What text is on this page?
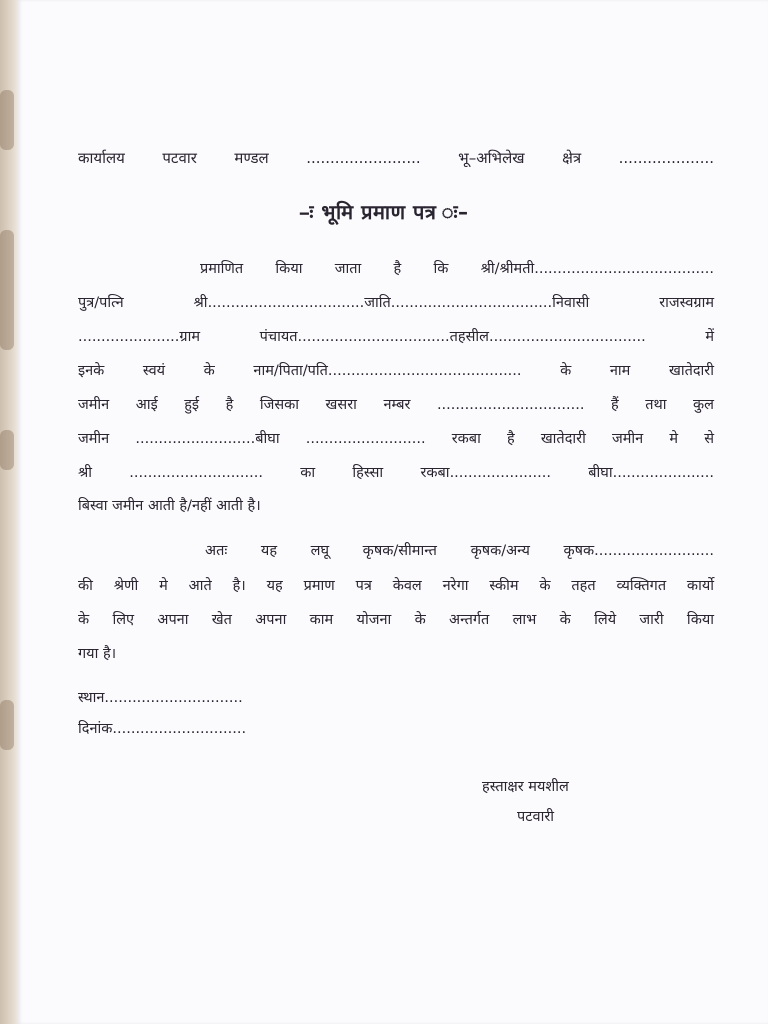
कार्यालय पटवार मण्डल ........................ भू–अभिलेख क्षेत्र ....................
–ः भूमि प्रमाण पत्र ः–
प्रमाणित किया जाता है कि श्री/श्रीमती.......................................
पुत्र/पत्नि श्री..................................जाति...................................निवासी राजस्वग्राम
......................ग्राम पंचायत.................................तहसील.................................. में
इनके स्वयं के नाम/पिता/पति.......................................... के नाम खातेदारी
जमीन आई हुई है जिसका खसरा नम्बर ................................ हैं तथा कुल
जमीन ..........................बीघा .......................... रकबा है खातेदारी जमीन मे से
श्री ............................. का हिस्सा रकबा...................... बीघा......................
बिस्वा जमीन आती है/नहीं आती है।
अतः यह लघू कृषक/सीमान्त कृषक/अन्य कृषक..........................
की श्रेणी मे आते है। यह प्रमाण पत्र केवल नरेगा स्कीम के तहत व्यक्तिगत कार्यो
के लिए अपना खेत अपना काम योजना के अन्तर्गत लाभ के लिये जारी किया
गया है।
स्थान..............................
दिनांक.............................
हस्ताक्षर मयशील
पटवारी
